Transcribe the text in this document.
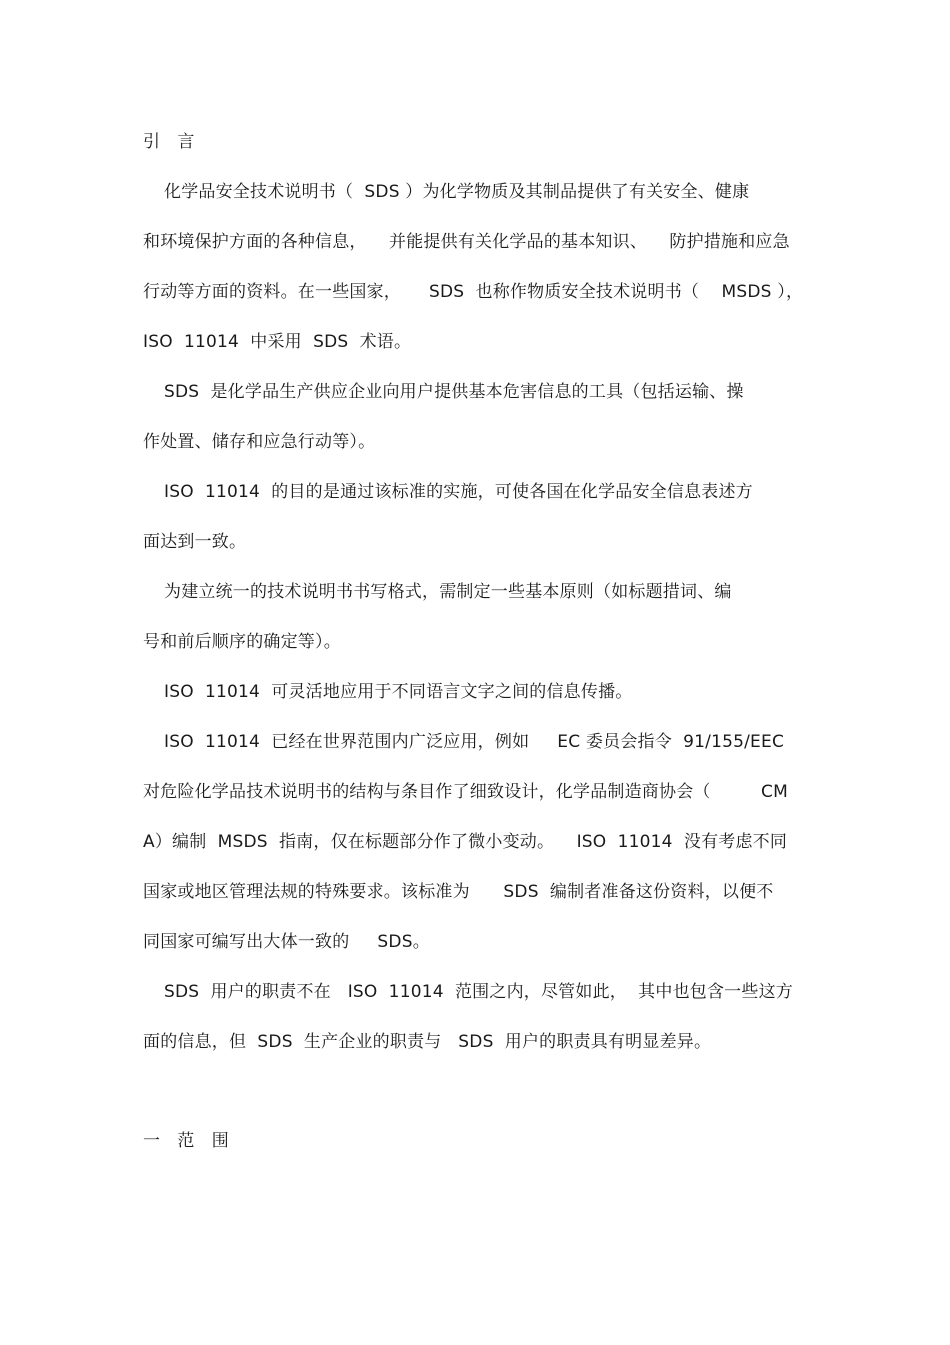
引 言
化学品安全技术说明书（  SDS ）为化学物质及其制品提供了有关安全、健康
和环境保护方面的各种信息，    并能提供有关化学品的基本知识、    防护措施和应急
行动等方面的资料。在一些国家，     SDS  也称作物质安全技术说明书（    MSDS ），
ISO  11014  中采用  SDS  术语。
SDS  是化学品生产供应企业向用户提供基本危害信息的工具（包括运输、操
作处置、储存和应急行动等）。
ISO  11014  的目的是通过该标准的实施，可使各国在化学品安全信息表述方
面达到一致。
为建立统一的技术说明书书写格式，需制定一些基本原则（如标题措词、编
号和前后顺序的确定等）。
ISO  11014  可灵活地应用于不同语言文字之间的信息传播。
ISO  11014  已经在世界范围内广泛应用，例如     EC 委员会指令  91/155/EEC
对危险化学品技术说明书的结构与条目作了细致设计，化学品制造商协会（         CM
A）编制  MSDS  指南，仅在标题部分作了微小变动。    ISO  11014  没有考虑不同
国家或地区管理法规的特殊要求。该标准为      SDS  编制者准备这份资料，以便不
同国家可编写出大体一致的     SDS。
SDS  用户的职责不在   ISO  11014  范围之内，尽管如此，  其中也包含一些这方
面的信息，但  SDS  生产企业的职责与   SDS  用户的职责具有明显差异。
一 范 围
